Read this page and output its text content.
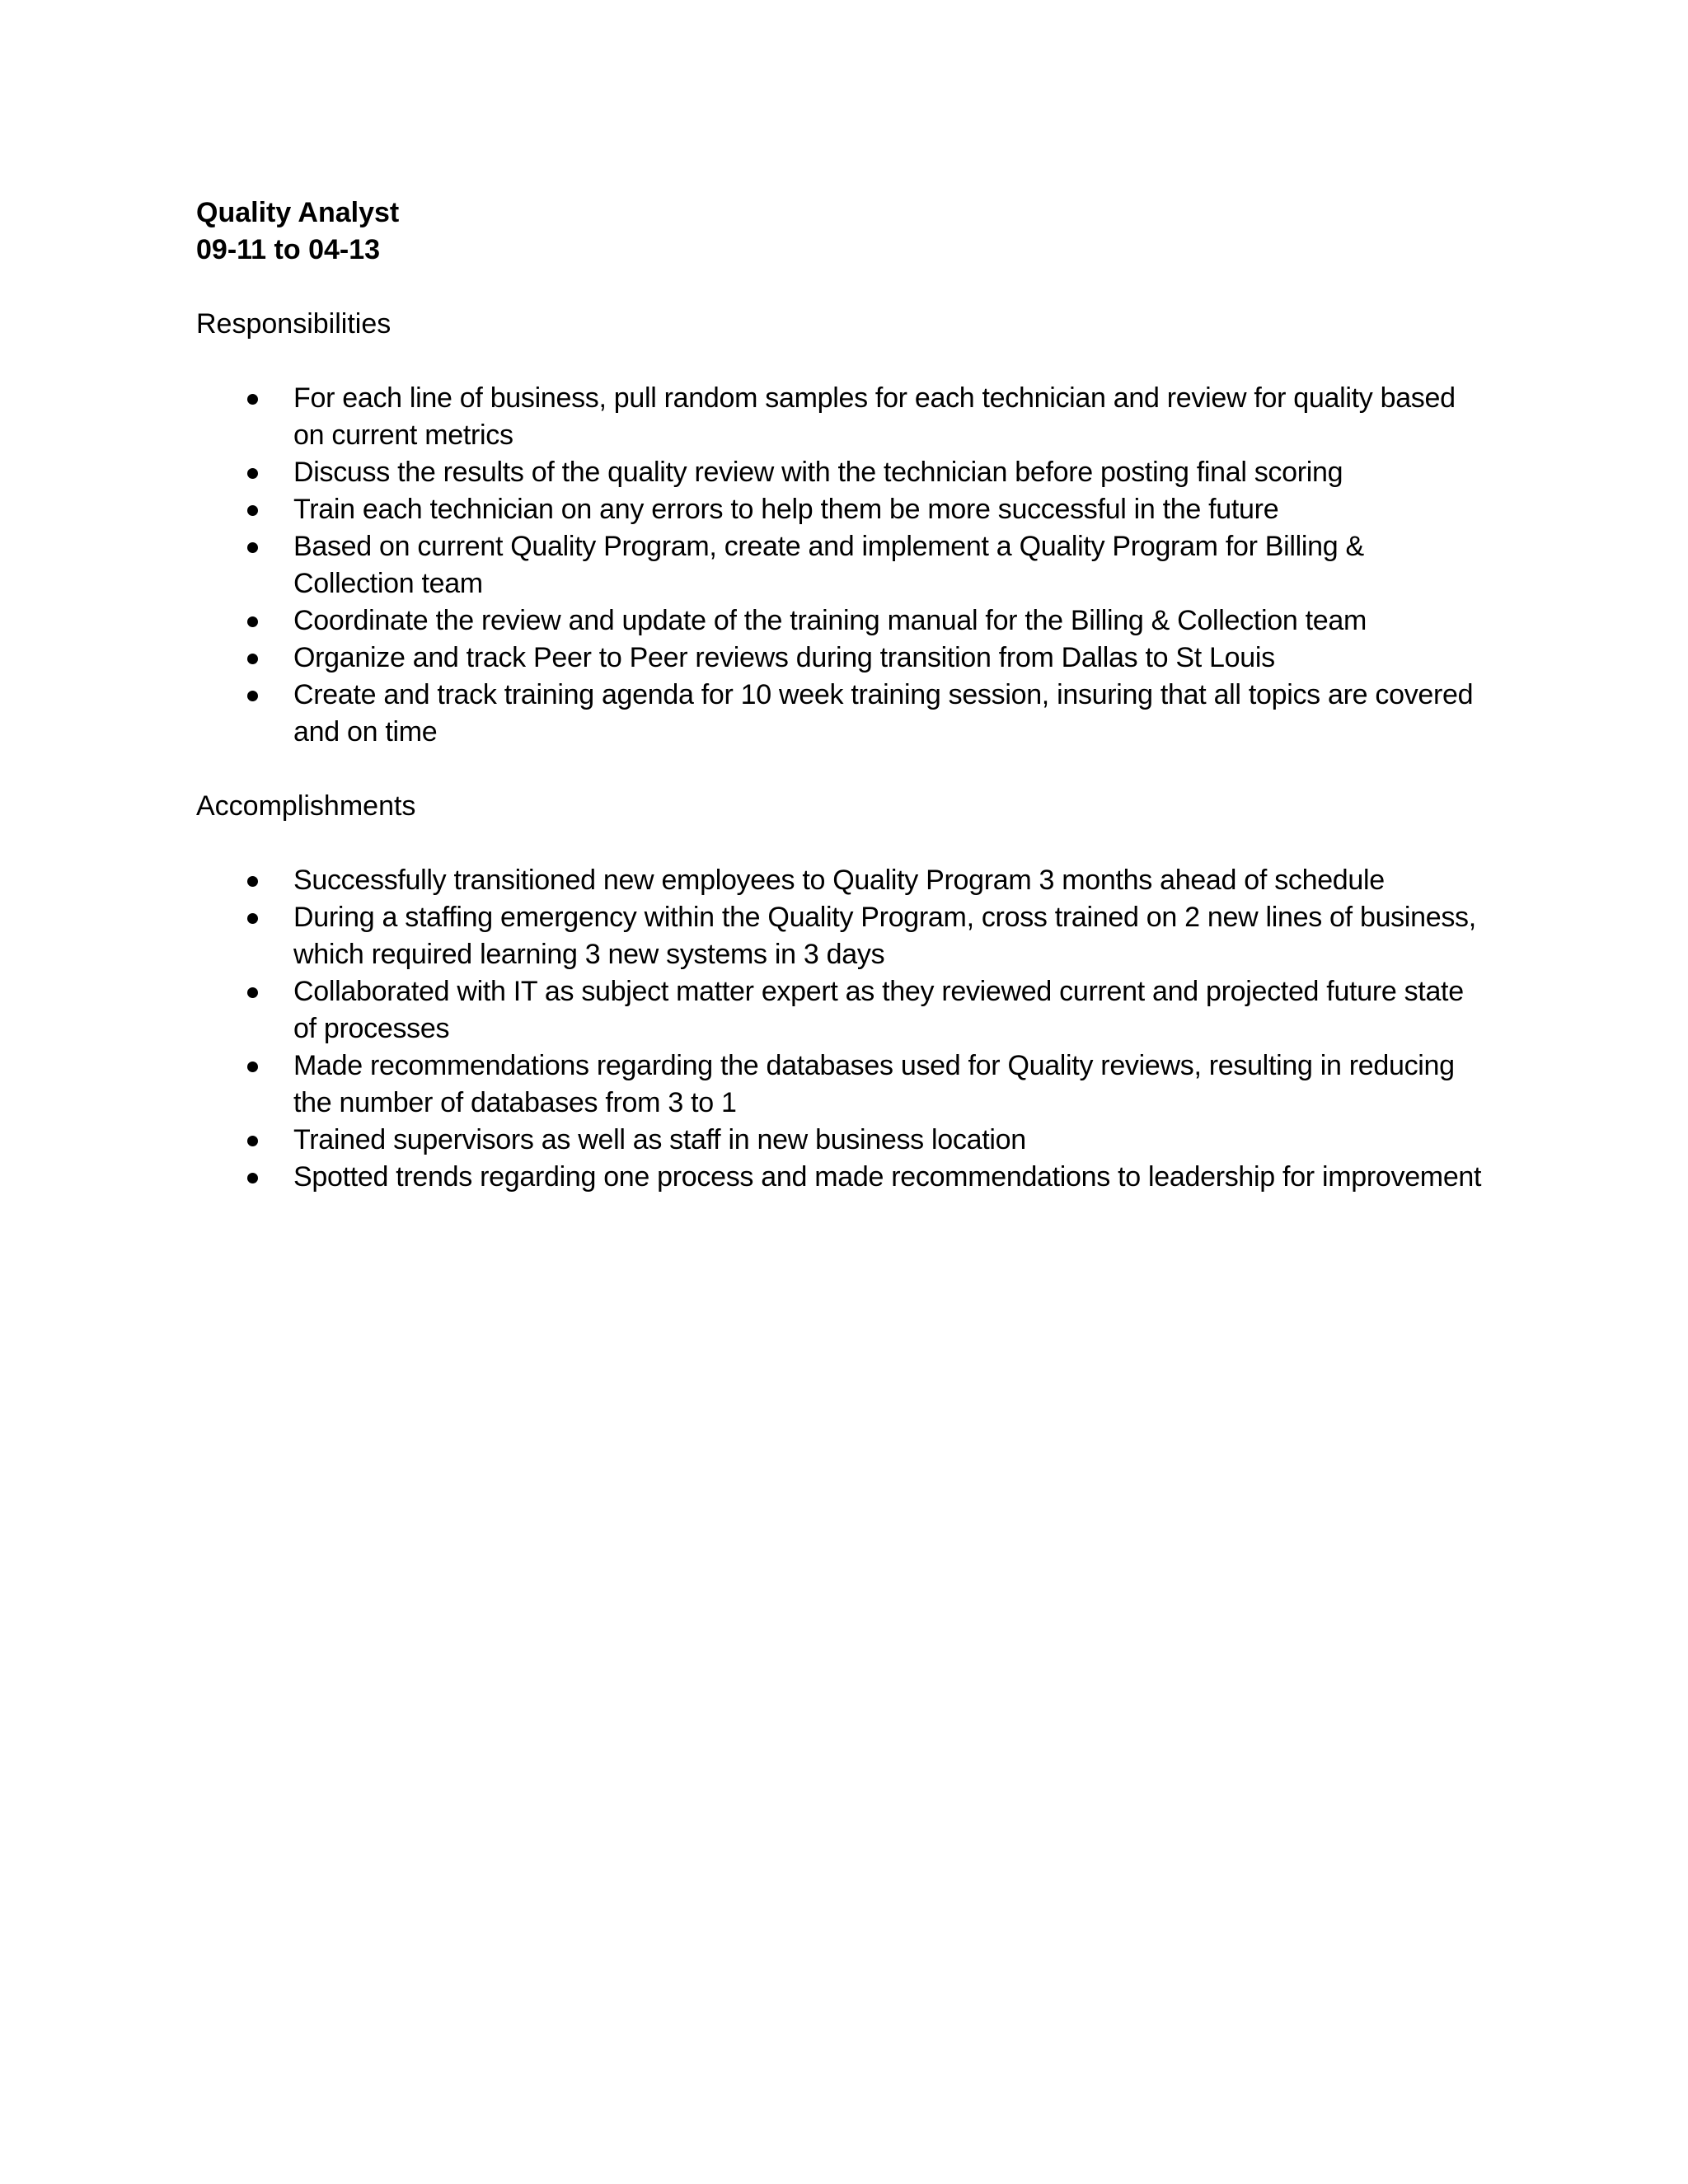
Quality Analyst
09-11 to 04-13
Responsibilities
For each line of business, pull random samples for each technician and review for quality based on current metrics
Discuss the results of the quality review with the technician before posting final scoring
Train each technician on any errors to help them be more successful in the future
Based on current Quality Program, create and implement a Quality Program for Billing & Collection team
Coordinate the review and update of the training manual for the Billing & Collection team
Organize and track Peer to Peer reviews during transition from Dallas to St Louis
Create and track training agenda for 10 week training session, insuring that all topics are covered and on time
Accomplishments
Successfully transitioned new employees to Quality Program 3 months ahead of schedule
During a staffing emergency within the Quality Program, cross trained on 2 new lines of business, which required learning 3 new systems in 3 days
Collaborated with IT as subject matter expert as they reviewed current and projected future state of processes
Made recommendations regarding the databases used for Quality reviews, resulting in reducing the number of databases from 3 to 1
Trained supervisors as well as staff in new business location
Spotted trends regarding one process and made recommendations to leadership for improvement
